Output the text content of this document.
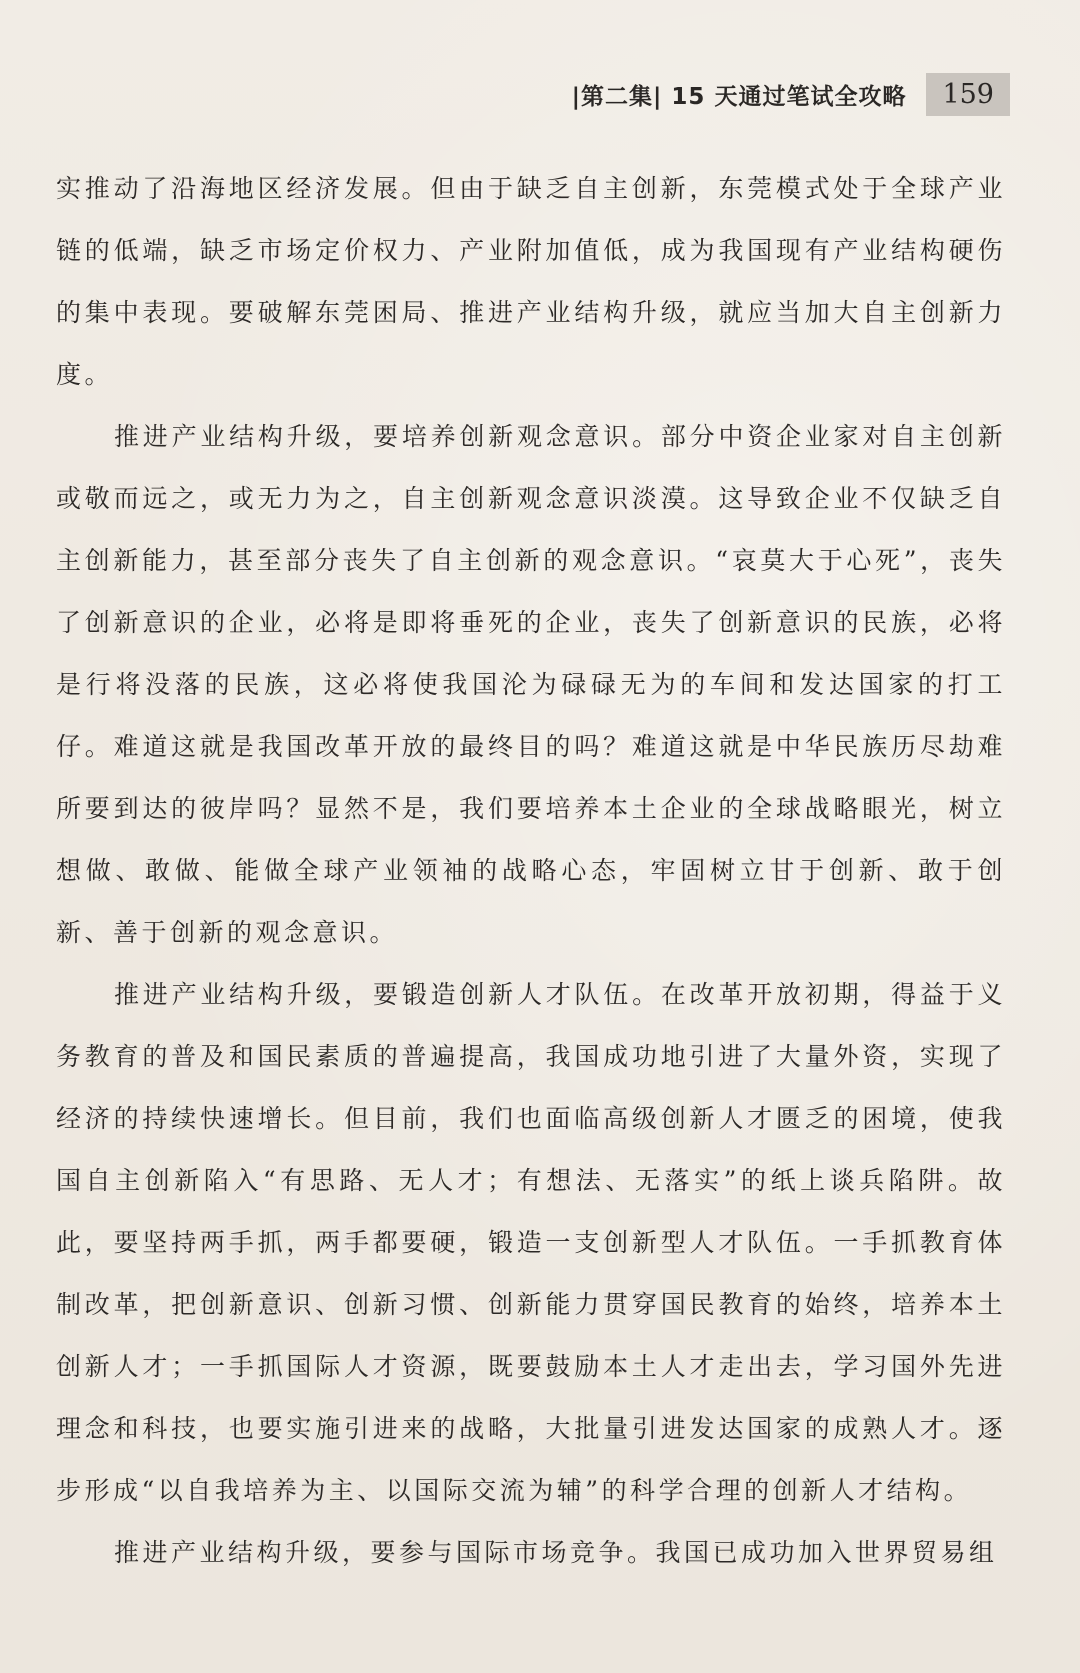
|第二集| 15 天通过笔试全攻略	159

实推动了沿海地区经济发展。但由于缺乏自主创新，东莞模式处于全球产业链的低端，缺乏市场定价权力、产业附加值低，成为我国现有产业结构硬伤的集中表现。要破解东莞困局、推进产业结构升级，就应当加大自主创新力度。

推进产业结构升级，要培养创新观念意识。部分中资企业家对自主创新或敬而远之，或无力为之，自主创新观念意识淡漠。这导致企业不仅缺乏自主创新能力，甚至部分丧失了自主创新的观念意识。“哀莫大于心死”，丧失了创新意识的企业，必将是即将垂死的企业，丧失了创新意识的民族，必将是行将没落的民族，这必将使我国沦为碌碌无为的车间和发达国家的打工仔。难道这就是我国改革开放的最终目的吗？难道这就是中华民族历尽劫难所要到达的彼岸吗？显然不是，我们要培养本土企业的全球战略眼光，树立想做、敢做、能做全球产业领袖的战略心态，牢固树立甘于创新、敢于创新、善于创新的观念意识。

推进产业结构升级，要锻造创新人才队伍。在改革开放初期，得益于义务教育的普及和国民素质的普遍提高，我国成功地引进了大量外资，实现了经济的持续快速增长。但目前，我们也面临高级创新人才匮乏的困境，使我国自主创新陷入“有思路、无人才；有想法、无落实”的纸上谈兵陷阱。故此，要坚持两手抓，两手都要硬，锻造一支创新型人才队伍。一手抓教育体制改革，把创新意识、创新习惯、创新能力贯穿国民教育的始终，培养本土创新人才；一手抓国际人才资源，既要鼓励本土人才走出去，学习国外先进理念和科技，也要实施引进来的战略，大批量引进发达国家的成熟人才。逐步形成“以自我培养为主、以国际交流为辅”的科学合理的创新人才结构。

推进产业结构升级，要参与国际市场竞争。我国已成功加入世界贸易组
